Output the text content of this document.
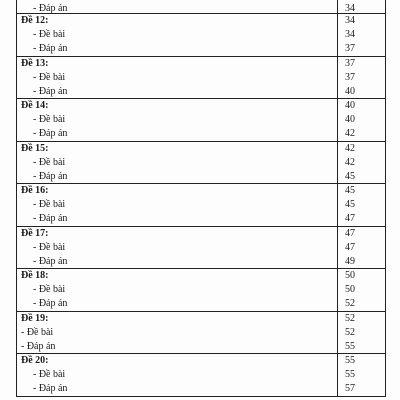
- Đáp án	34
Đề 12:	34
- Đề bài	34
- Đáp án	37
Đề 13:	37
- Đề bài	37
- Đáp án	40
Đề 14:	40
- Đề bài	40
- Đáp án	42
Đề 15:	42
- Đề bài	42
- Đáp án	45
Đề 16:	45
- Đề bài	45
- Đáp án	47
Đề 17:	47
- Đề bài	47
- Đáp án	49
Đề 18:	50
- Đề bài	50
- Đáp án	52
Đề 19:	52
- Đề bài	52
- Đáp án	55
Đề 20:	55
- Đề bài	55
- Đáp án	57
